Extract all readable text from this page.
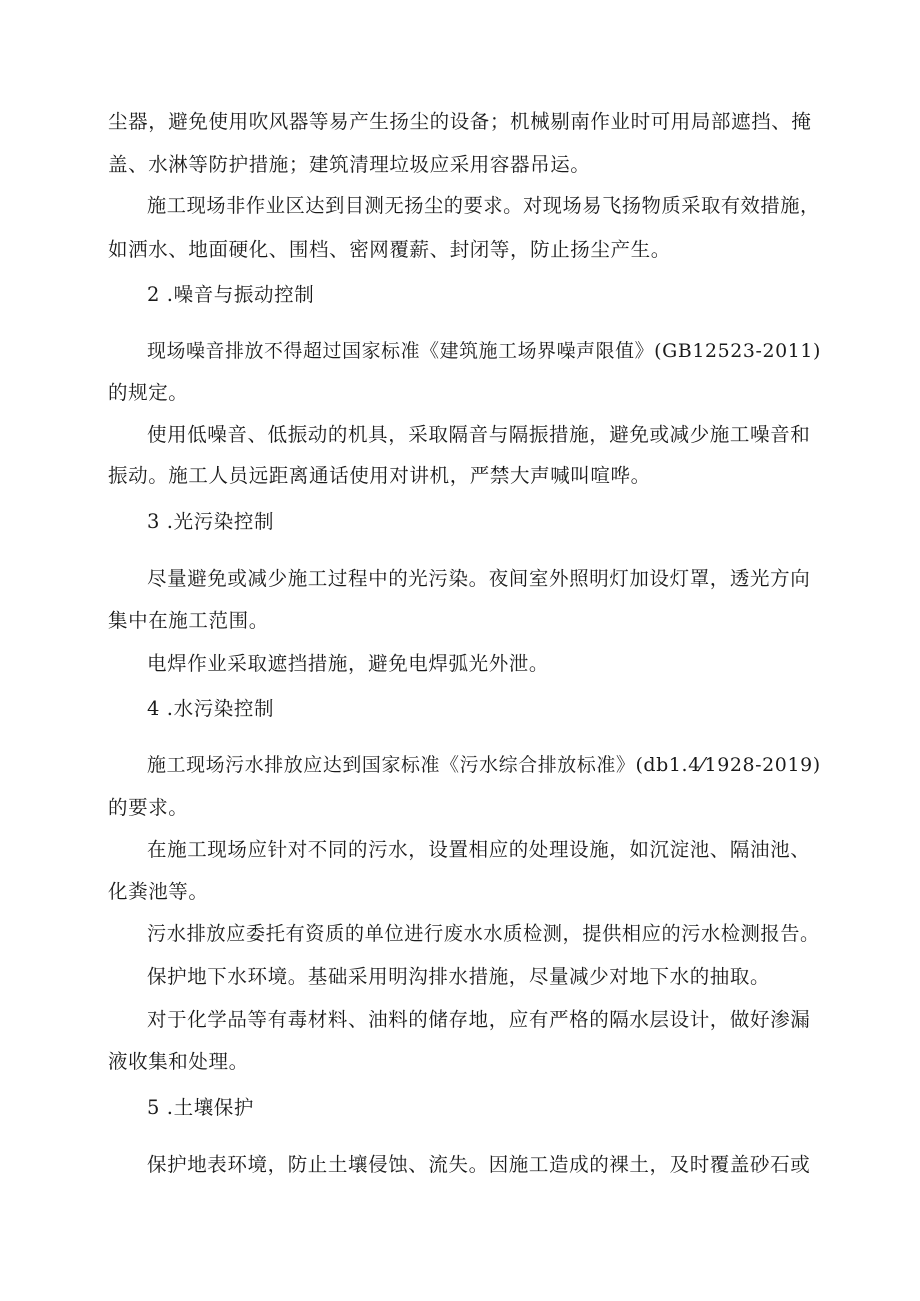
尘器，避免使用吹风器等易产生扬尘的设备；机械剔南作业时可用局部遮挡、掩
盖、水淋等防护措施；建筑清理垃圾应采用容器吊运。
施工现场非作业区达到目测无扬尘的要求。对现场易飞扬物质采取有效措施，
如洒水、地面硬化、围档、密网覆薪、封闭等，防止扬尘产生。
2 .噪音与振动控制
现场噪音排放不得超过国家标准《建筑施工场界噪声限值》(GB12523-2011)
的规定。
使用低噪音、低振动的机具，采取隔音与隔振措施，避免或减少施工噪音和
振动。施工人员远距离通话使用对讲机，严禁大声喊叫喧哗。
3 .光污染控制
尽量避免或减少施工过程中的光污染。夜间室外照明灯加设灯罩，透光方向
集中在施工范围。
电焊作业采取遮挡措施，避免电焊弧光外泄。
4 .水污染控制
施工现场污水排放应达到国家标准《污水综合排放标准》(db1.4⁄1928-2019)
的要求。
在施工现场应针对不同的污水，设置相应的处理设施，如沉淀池、隔油池、
化粪池等。
污水排放应委托有资质的单位进行废水水质检测，提供相应的污水检测报告。
保护地下水环境。基础采用明沟排水措施，尽量减少对地下水的抽取。
对于化学品等有毒材料、油料的储存地，应有严格的隔水层设计，做好渗漏
液收集和处理。
5 .土壤保护
保护地表环境，防止土壤侵蚀、流失。因施工造成的裸土，及时覆盖砂石或
